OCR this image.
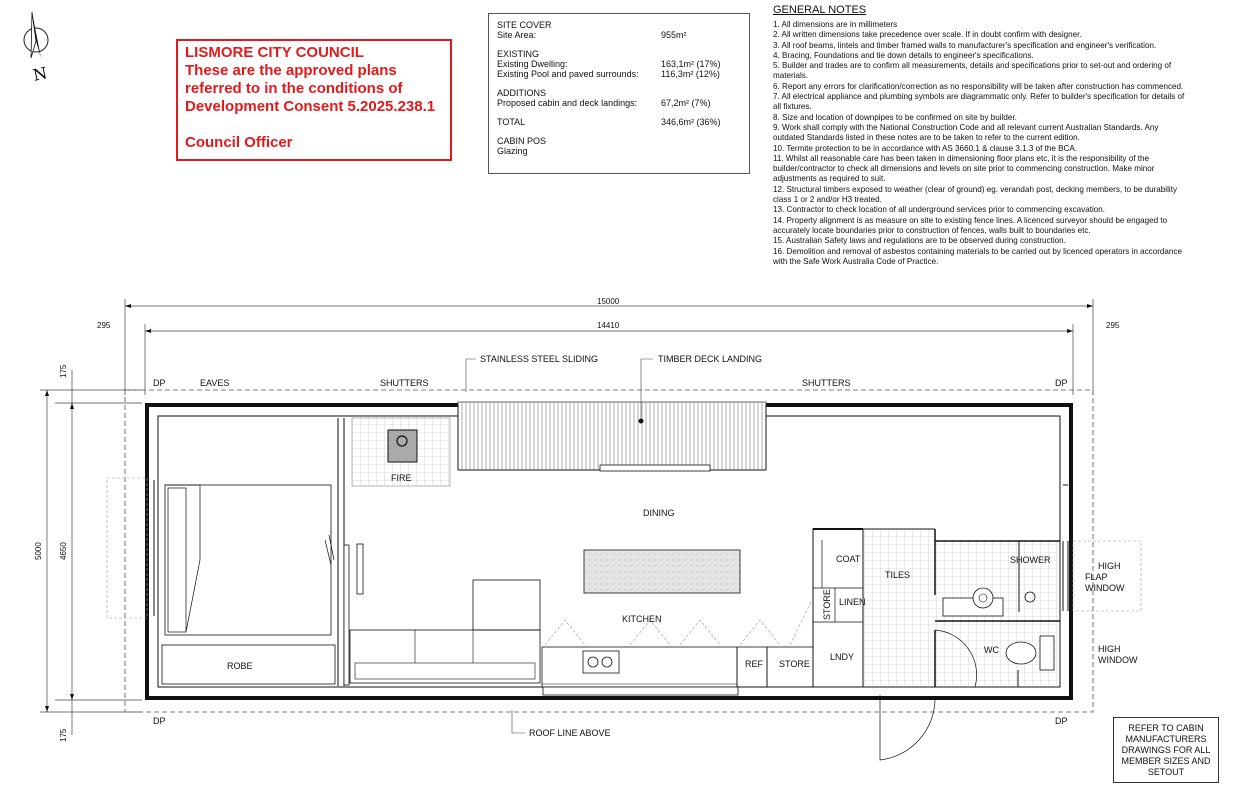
N
15000
14410
295	295
5000 4650
175
175
STAINLESS STEEL SLIDING	TIMBER DECK LANDING
EAVES	SHUTTERS	SHUTTERS
DP	DP
DP	DP
FIRE
DINING
KITCHEN
ROBE
COAT
TILES
SHOWER
STORE LINEN
LNDY
REF STORE
WC
HIGH
FLAP
WINDOW
HIGH
WINDOW
ROOF LINE ABOVE
LISMORE CITY COUNCIL
These are the approved plans
referred to in the conditions of
Development Consent 5.2025.238.1
Council Officer
SITE COVER
Site Area:	955m²
EXISTING
Existing Dwelling:	163,1m² (17%)
Existing Pool and paved surrounds: 116,3m² (12%)
ADDITIONS
Proposed cabin and deck landings:	67,2m² (7%)
TOTAL	346,6m² (36%)
CABIN POS
Glazing
GENERAL NOTES
1. All dimensions are in millimeters
2. All written dimensions take precedence over scale. If in doubt confirm with designer.
3. All roof beams, lintels and timber framed walls to manufacturer's specification and engineer's verification.
4. Bracing, Foundations and tie down details to engineer's specifications.
5. Builder and trades are to confirm all measurements, details and specifications prior to set-out and ordering of
materials.
6. Report any errors for clarification/correction as no responsibility will be taken after construction has commenced.
7. All electrical appliance and plumbing symbols are diagrammatic only. Refer to builder's specification for details of
all fixtures.
8. Size and location of downpipes to be confirmed on site by builder.
9. Work shall comply with the National Construction Code and all relevant current Australian Standards. Any
outdated Standards listed in these notes are to be taken to refer to the current edition.
10. Termite protection to be in accordance with AS 3660.1 & clause 3.1.3 of the BCA.
11. Whilst all reasonable care has been taken in dimensioning floor plans etc, it is the responsibility of the
builder/contractor to check all dimensions and levels on site prior to commencing construction. Make minor
adjustments as required to suit.
12. Structural timbers exposed to weather (clear of ground) eg. verandah post, decking members, to be durability
class 1 or 2 and/or H3 treated.
13. Contractor to check location of all underground services prior to commencing excavation.
14. Property alignment is as measure on site to existing fence lines. A licenced surveyor should be engaged to
accurately locate boundaries prior to construction of fences, walls built to boundaries etc.
15. Australian Safety laws and regulations are to be observed during construction.
16. Demolition and removal of asbestos containing materials to be carried out by licenced operators in accordance
with the Safe Work Australia Code of Practice.
REFER TO CABIN
MANUFACTURERS
DRAWINGS FOR ALL
MEMBER SIZES AND
SETOUT
